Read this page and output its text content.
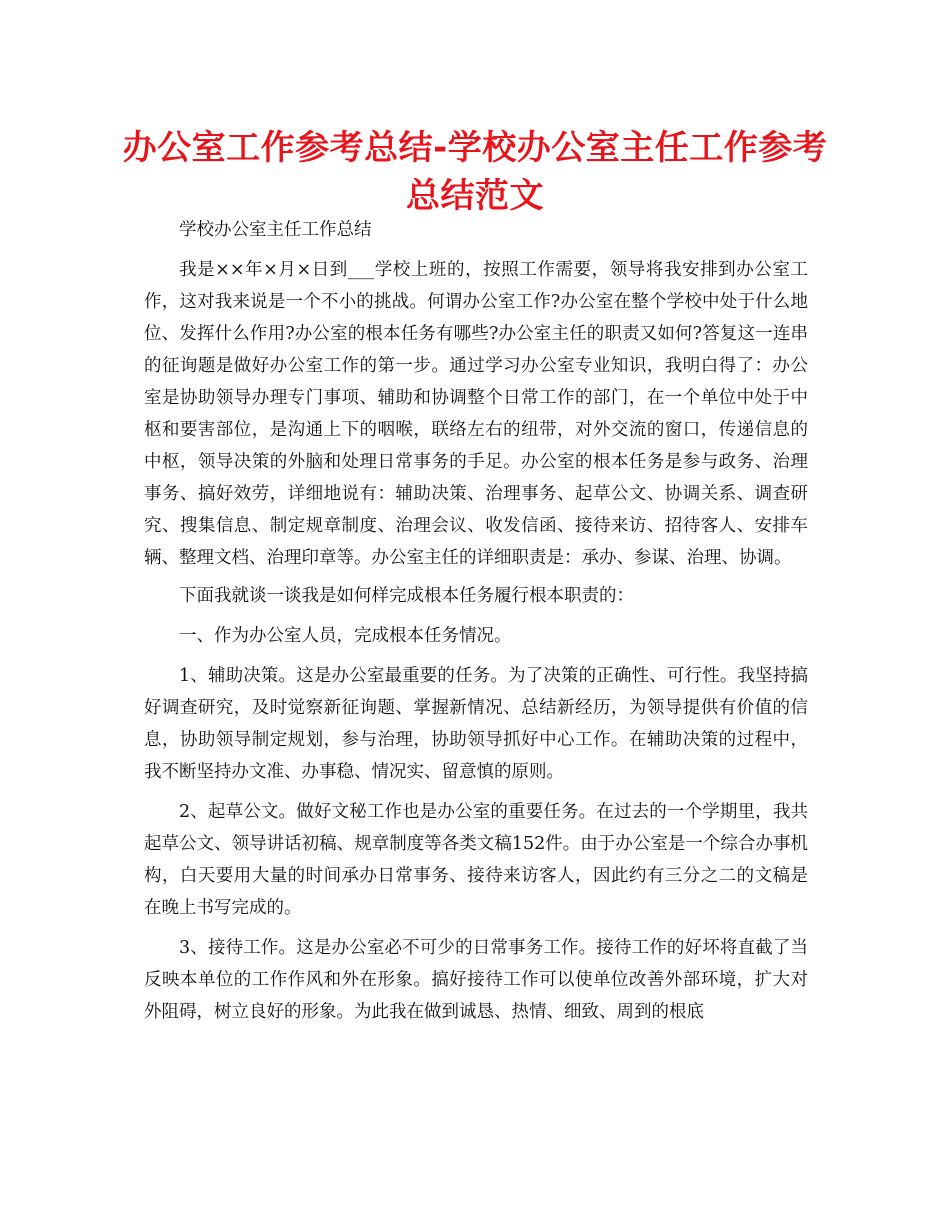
办公室工作参考总结-学校办公室主任工作参考总结范文

学校办公室主任工作总结

我是××年×月×日到___学校上班的，按照工作需要，领导将我安排到办公室工作，这对我来说是一个不小的挑战。何谓办公室工作?办公室在整个学校中处于什么地位、发挥什么作用?办公室的根本任务有哪些?办公室主任的职责又如何?答复这一连串的征询题是做好办公室工作的第一步。通过学习办公室专业知识，我明白得了：办公室是协助领导办理专门事项、辅助和协调整个日常工作的部门，在一个单位中处于中枢和要害部位，是沟通上下的咽喉，联络左右的纽带，对外交流的窗口，传递信息的中枢，领导决策的外脑和处理日常事务的手足。办公室的根本任务是参与政务、治理事务、搞好效劳，详细地说有：辅助决策、治理事务、起草公文、协调关系、调查研究、搜集信息、制定规章制度、治理会议、收发信函、接待来访、招待客人、安排车辆、整理文档、治理印章等。办公室主任的详细职责是：承办、参谋、治理、协调。

下面我就谈一谈我是如何样完成根本任务履行根本职责的：

一、作为办公室人员，完成根本任务情况。

1、辅助决策。这是办公室最重要的任务。为了决策的正确性、可行性。我坚持搞好调查研究，及时觉察新征询题、掌握新情况、总结新经历，为领导提供有价值的信息，协助领导制定规划，参与治理，协助领导抓好中心工作。在辅助决策的过程中，我不断坚持办文准、办事稳、情况实、留意慎的原则。

2、起草公文。做好文秘工作也是办公室的重要任务。在过去的一个学期里，我共起草公文、领导讲话初稿、规章制度等各类文稿152件。由于办公室是一个综合办事机构，白天要用大量的时间承办日常事务、接待来访客人，因此约有三分之二的文稿是在晚上书写完成的。

3、接待工作。这是办公室必不可少的日常事务工作。接待工作的好坏将直截了当反映本单位的工作作风和外在形象。搞好接待工作可以使单位改善外部环境，扩大对外阻碍，树立良好的形象。为此我在做到诚恳、热情、细致、周到的根底
